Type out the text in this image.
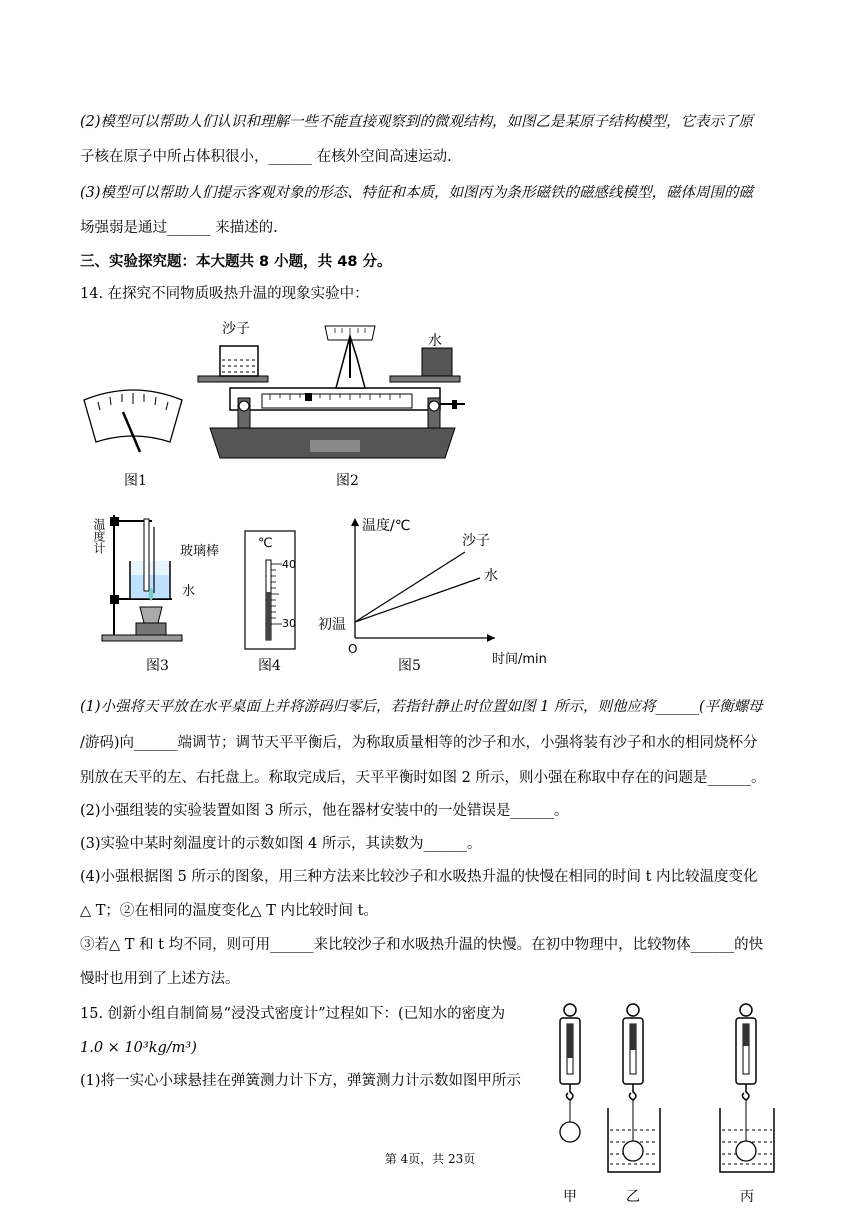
(2)模型可以帮助人们认识和理解一些不能直接观察到的微观结构，如图乙是某原子结构模型，它表示了原

子核在原子中所占体积很小，______ 在核外空间高速运动.

(3)模型可以帮助人们提示客观对象的形态、特征和本质，如图丙为条形磁铁的磁感线模型，磁体周围的磁

场强弱是通过______ 来描述的.

三、实验探究题：本大题共 8 小题，共 48 分。

14. 在探究不同物质吸热升温的现象实验中：

图1
沙子
水
图2
温度计	玻璃棒
水
图3
℃
40
30
图4
温度/℃
沙子
水
初温
O
时间/min
图5

(1)小强将天平放在水平桌面上并将游码归零后，若指针静止时位置如图 1 所示，则他应将______(平衡螺母

/游码)向______端调节；调节天平平衡后，为称取质量相等的沙子和水，小强将装有沙子和水的相同烧杯分

别放在天平的左、右托盘上。称取完成后，天平平衡时如图 2 所示，则小强在称取中存在的问题是______。

(2)小强组装的实验装置如图 3 所示，他在器材安装中的一处错误是______。

(3)实验中某时刻温度计的示数如图 4 所示，其读数为______。

(4)小强根据图 5 所示的图象，用三种方法来比较沙子和水吸热升温的快慢在相同的时间 t 内比较温度变化

△ T；②在相同的温度变化△ T 内比较时间 t。

③若△ T 和 t 均不同，则可用______来比较沙子和水吸热升温的快慢。在初中物理中，比较物体______的快

慢时也用到了上述方法。

15. 创新小组自制简易“浸没式密度计”过程如下：(已知水的密度为

1.0 × 10³kg/m³)

(1)将一实心小球悬挂在弹簧测力计下方，弹簧测力计示数如图甲所示

甲	乙	丙
第 4页，共 23页
